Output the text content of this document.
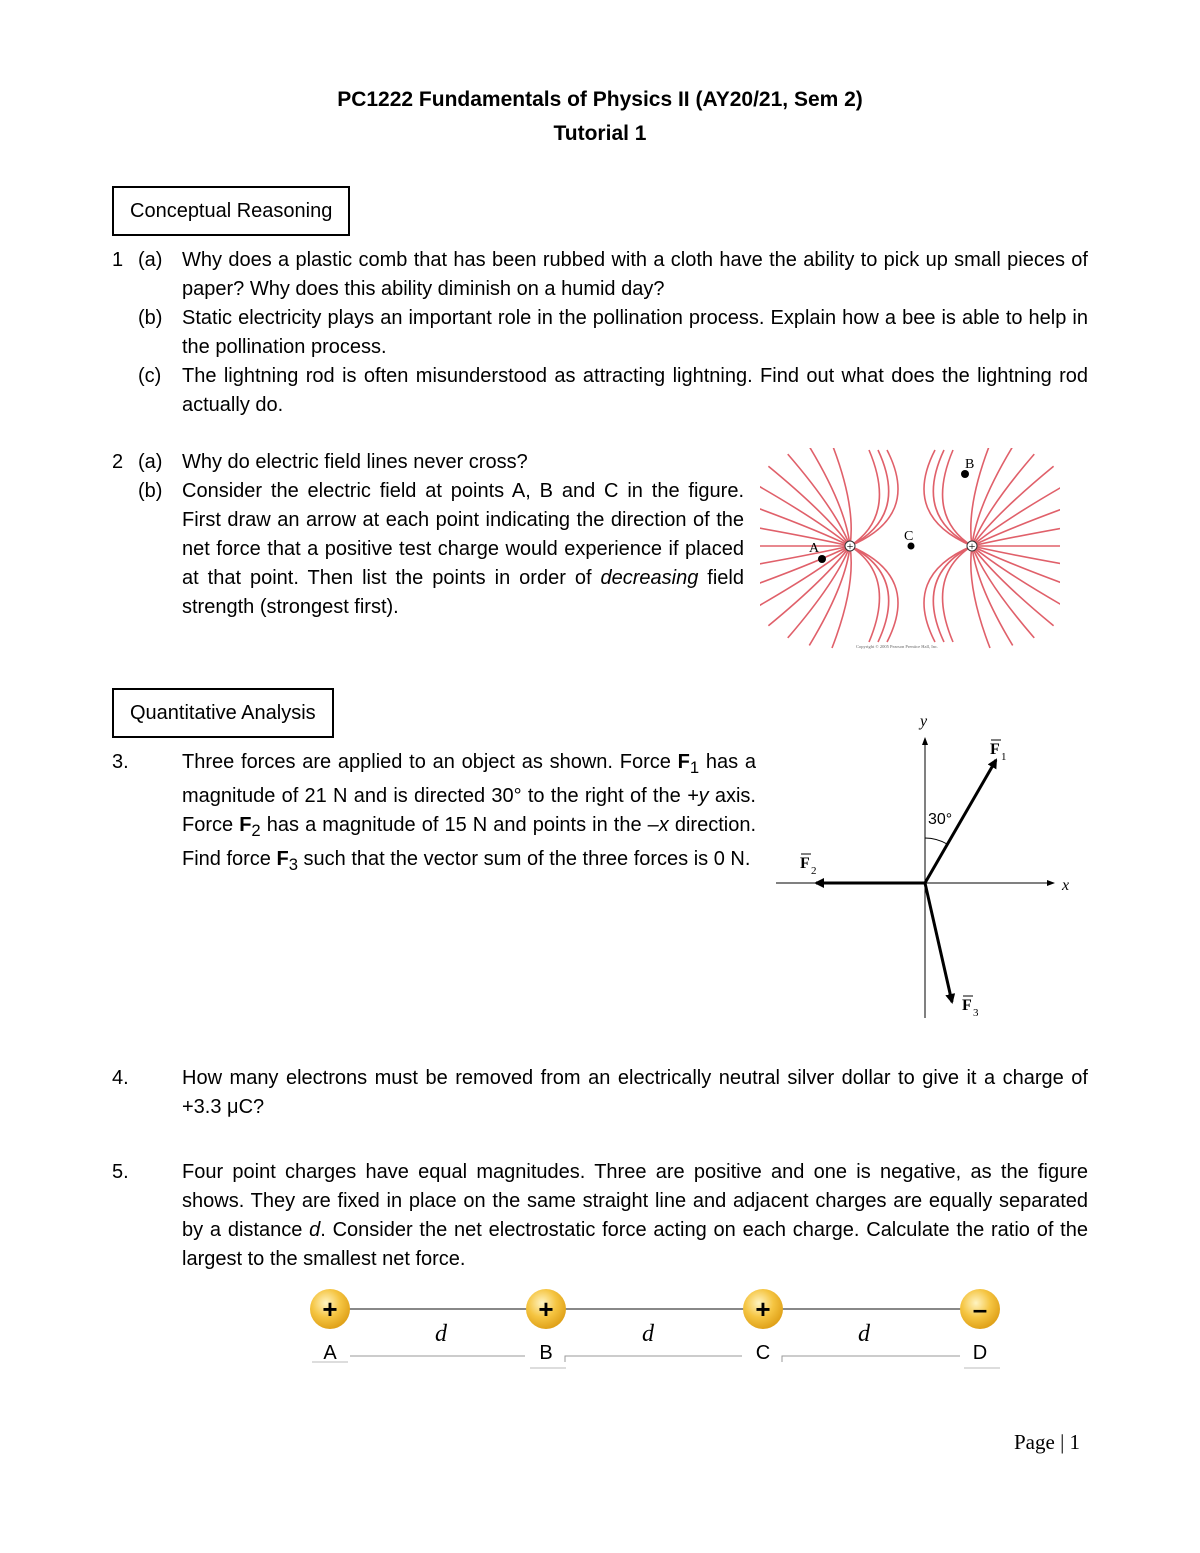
PC1222 Fundamentals of Physics II (AY20/21, Sem 2)
Tutorial 1
Conceptual Reasoning
1 (a) Why does a plastic comb that has been rubbed with a cloth have the ability to pick up small pieces of paper? Why does this ability diminish on a humid day?
(b) Static electricity plays an important role in the pollination process. Explain how a bee is able to help in the pollination process.
(c) The lightning rod is often misunderstood as attracting lightning. Find out what does the lightning rod actually do.
2 (a) Why do electric field lines never cross?
(b) Consider the electric field at points A, B and C in the figure. First draw an arrow at each point indicating the direction of the net force that a positive test charge would experience if placed at that point. Then list the points in order of decreasing field strength (strongest first).
+	+
A
C
B
Copyright © 2005 Pearson Prentice Hall, Inc.
Quantitative Analysis
3.	Three forces are applied to an object as shown. Force $F_1$ has a magnitude of 21 N and is directed 30° to the right of the +y axis. Force $F_2$ has a magnitude of 15 N and points in the –x direction. Find force $F_3$ such that the vector sum of the three forces is 0 N.
y
x
30°
F 1
F 2
F 3
4.	How many electrons must be removed from an electrically neutral silver dollar to give it a charge of +3.3 μC?
5.	Four point charges have equal magnitudes. Three are positive and one is negative, as the figure shows. They are fixed in place on the same straight line and adjacent charges are equally separated by a distance d. Consider the net electrostatic force acting on each charge. Calculate the ratio of the largest to the smallest net force.
d	d	d
+
A
+
B
+
C
–
D
Page | 1
